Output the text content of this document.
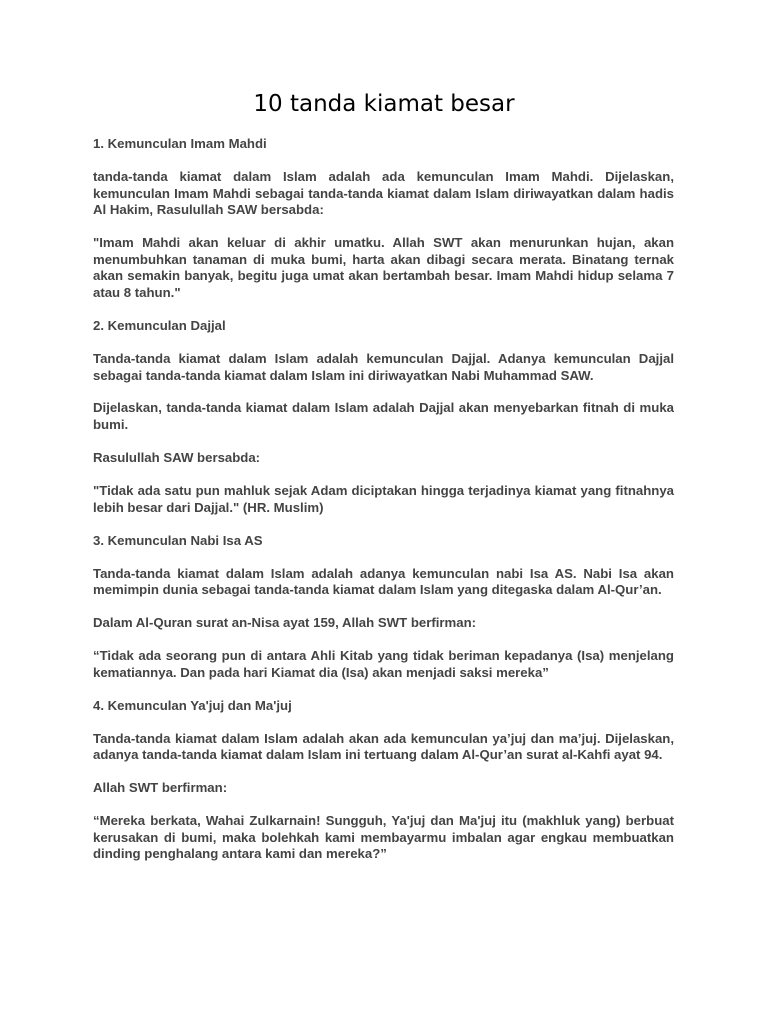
10 tanda kiamat besar

1. Kemunculan Imam Mahdi

tanda-tanda kiamat dalam Islam adalah ada kemunculan Imam Mahdi. Dijelaskan, kemunculan Imam Mahdi sebagai tanda-tanda kiamat dalam Islam diriwayatkan dalam hadis Al Hakim, Rasulullah SAW bersabda:

"Imam Mahdi akan keluar di akhir umatku. Allah SWT akan menurunkan hujan, akan menumbuhkan tanaman di muka bumi, harta akan dibagi secara merata. Binatang ternak akan semakin banyak, begitu juga umat akan bertambah besar. Imam Mahdi hidup selama 7 atau 8 tahun."

2. Kemunculan Dajjal

Tanda-tanda kiamat dalam Islam adalah kemunculan Dajjal. Adanya kemunculan Dajjal sebagai tanda-tanda kiamat dalam Islam ini diriwayatkan Nabi Muhammad SAW.

Dijelaskan, tanda-tanda kiamat dalam Islam adalah Dajjal akan menyebarkan fitnah di muka bumi.

Rasulullah SAW bersabda:

"Tidak ada satu pun mahluk sejak Adam diciptakan hingga terjadinya kiamat yang fitnahnya lebih besar dari Dajjal." (HR. Muslim)

3. Kemunculan Nabi Isa AS

Tanda-tanda kiamat dalam Islam adalah adanya kemunculan nabi Isa AS. Nabi Isa akan memimpin dunia sebagai tanda-tanda kiamat dalam Islam yang ditegaska dalam Al-Qur’an.

Dalam Al-Quran surat an-Nisa ayat 159, Allah SWT berfirman:

“Tidak ada seorang pun di antara Ahli Kitab yang tidak beriman kepadanya (Isa) menjelang kematiannya. Dan pada hari Kiamat dia (Isa) akan menjadi saksi mereka”

4. Kemunculan Ya'juj dan Ma'juj

Tanda-tanda kiamat dalam Islam adalah akan ada kemunculan ya’juj dan ma’juj. Dijelaskan, adanya tanda-tanda kiamat dalam Islam ini tertuang dalam Al-Qur’an surat al-Kahfi ayat 94.

Allah SWT berfirman:

“Mereka berkata, Wahai Zulkarnain! Sungguh, Ya'juj dan Ma'juj itu (makhluk yang) berbuat kerusakan di bumi, maka bolehkah kami membayarmu imbalan agar engkau membuatkan dinding penghalang antara kami dan mereka?”
